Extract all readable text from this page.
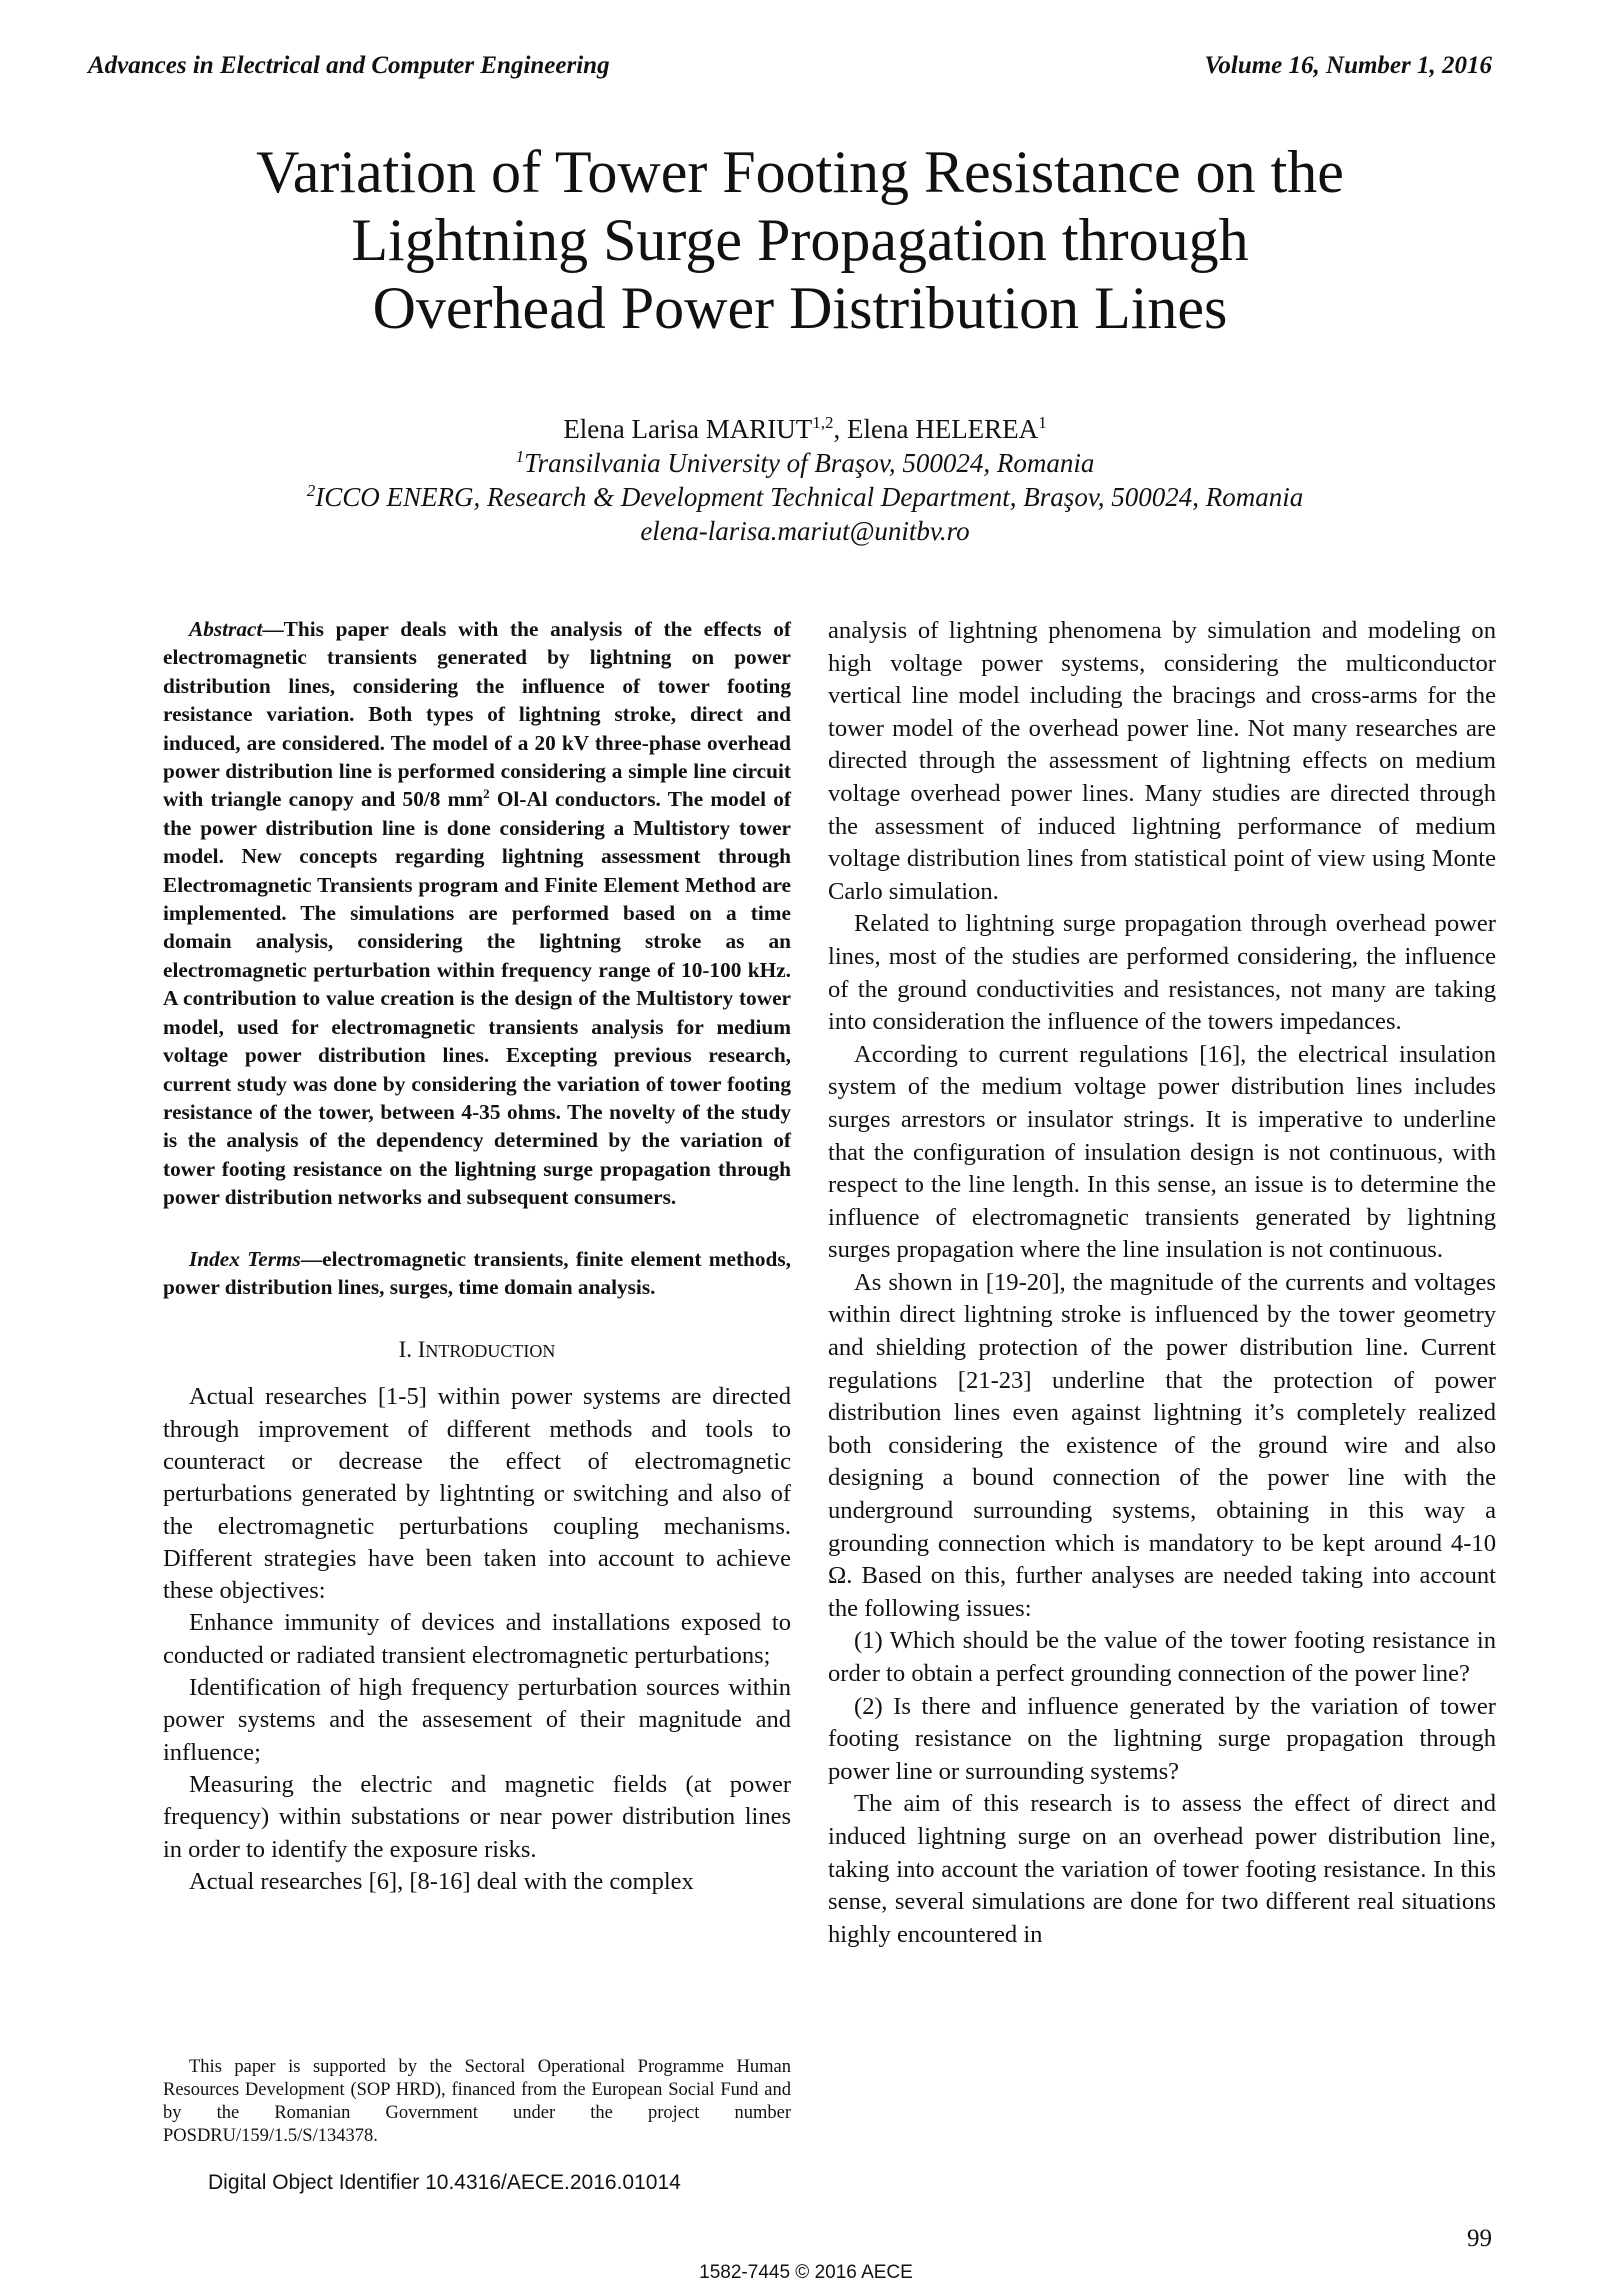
Advances in Electrical and Computer Engineering	Volume 16, Number 1, 2016
Variation of Tower Footing Resistance on the
Lightning Surge Propagation through
Overhead Power Distribution Lines
Elena Larisa MARIUT$^{1,2}$, Elena HELEREA$^1$
$^1$Transilvania University of Braşov, 500024, Romania
$^2$ICCO ENERG, Research & Development Technical Department, Braşov, 500024, Romania
elena-larisa.mariut@unitbv.ro

Abstract—This paper deals with the analysis of the effects of electromagnetic transients generated by lightning on power distribution lines, considering the influence of tower footing resistance variation. Both types of lightning stroke, direct and induced, are considered. The model of a 20 kV three-phase overhead power distribution line is performed considering a simple line circuit with triangle canopy and 50/8 $mm^2$ Ol-Al conductors. The model of the power distribution line is done considering a Multistory tower model. New concepts regarding lightning assessment through Electromagnetic Transients program and Finite Element Method are implemented. The simulations are performed based on a time domain analysis, considering the lightning stroke as an electromagnetic perturbation within frequency range of 10-100 kHz. A contribution to value creation is the design of the Multistory tower model, used for electromagnetic transients analysis for medium voltage power distribution lines. Excepting previous research, current study was done by considering the variation of tower footing resistance of the tower, between 4-35 ohms. The novelty of the study is the analysis of the dependency determined by the variation of tower footing resistance on the lightning surge propagation through power distribution networks and subsequent consumers.

Index Terms—electromagnetic transients, finite element methods, power distribution lines, surges, time domain analysis.

I. INTRODUCTION

Actual researches [1-5] within power systems are directed through improvement of different methods and tools to counteract or decrease the effect of electromagnetic perturbations generated by lightnting or switching and also of the electromagnetic perturbations coupling mechanisms. Different strategies have been taken into account to achieve these objectives:

Enhance immunity of devices and installations exposed to conducted or radiated transient electromagnetic perturbations;

Identification of high frequency perturbation sources within power systems and the assesement of their magnitude and influence;

Measuring the electric and magnetic fields (at power frequency) within substations or near power distribution lines in order to identify the exposure risks.

Actual researches [6], [8-16] deal with the complex

analysis of lightning phenomena by simulation and modeling on high voltage power systems, considering the multiconductor vertical line model including the bracings and cross-arms for the tower model of the overhead power line. Not many researches are directed through the assessment of lightning effects on medium voltage overhead power lines. Many studies are directed through the assessment of induced lightning performance of medium voltage distribution lines from statistical point of view using Monte Carlo simulation.

Related to lightning surge propagation through overhead power lines, most of the studies are performed considering, the influence of the ground conductivities and resistances, not many are taking into consideration the influence of the towers impedances.

According to current regulations [16], the electrical insulation system of the medium voltage power distribution lines includes surges arrestors or insulator strings. It is imperative to underline that the configuration of insulation design is not continuous, with respect to the line length. In this sense, an issue is to determine the influence of electromagnetic transients generated by lightning surges propagation where the line insulation is not continuous.

As shown in [19-20], the magnitude of the currents and voltages within direct lightning stroke is influenced by the tower geometry and shielding protection of the power distribution line. Current regulations [21-23] underline that the protection of power distribution lines even against lightning it’s completely realized both considering the existence of the ground wire and also designing a bound connection of the power line with the underground surrounding systems, obtaining in this way a grounding connection which is mandatory to be kept around 4-10 Ω. Based on this, further analyses are needed taking into account the following issues:

(1) Which should be the value of the tower footing resistance in order to obtain a perfect grounding connection of the power line?

(2) Is there and influence generated by the variation of tower footing resistance on the lightning surge propagation through power line or surrounding systems?

The aim of this research is to assess the effect of direct and induced lightning surge on an overhead power distribution line, taking into account the variation of tower footing resistance. In this sense, several simulations are done for two different real situations highly encountered in

This paper is supported by the Sectoral Operational Programme Human Resources Development (SOP HRD), financed from the European Social Fund and by the Romanian Government under the project number POSDRU/159/1.5/S/134378.
Digital Object Identifier 10.4316/AECE.2016.01014
99
1582-7445 © 2016 AECE
